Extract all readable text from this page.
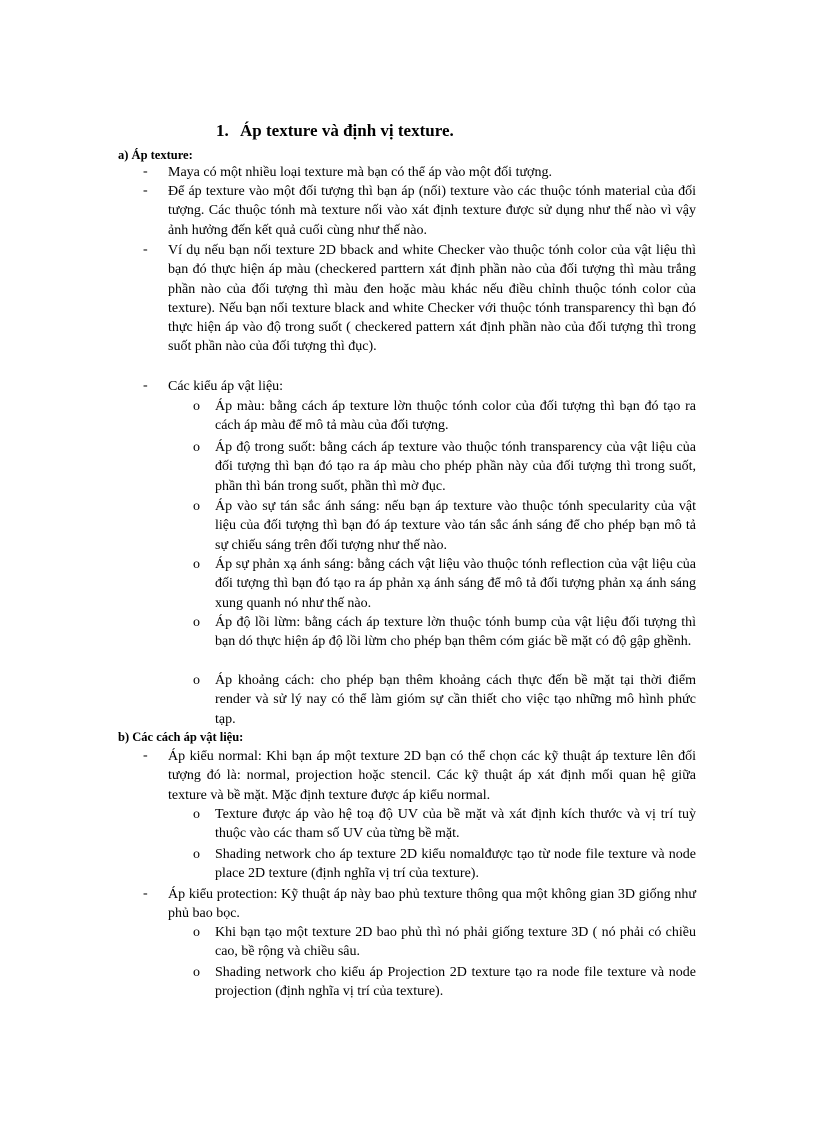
1. Áp texture và định vị texture.
a) Áp texture:
- Maya có một nhiều loại texture mà bạn có thể áp vào một đối tượng.
- Để áp texture vào một đối tượng thì bạn áp (nối) texture vào các thuộc tónh material của đối tượng. Các thuộc tónh mà texture nối vào xát định texture được sử dụng như thế nào vì vậy ảnh hưởng đến kết quả cuối cùng như thế nào.
- Ví dụ nếu bạn nối texture 2D bback and white Checker vào thuộc tónh color của vật liệu thì bạn đó thực hiện áp màu (checkered parttern xát định phần nào của đối tượng thì màu trắng phần nào của đối tượng thì màu đen hoặc màu khác nếu điều chỉnh thuộc tónh color của texture). Nếu bạn nối texture black and white Checker với thuộc tónh transparency thì bạn đó thực hiện áp vào độ trong suốt ( checkered pattern xát định phần nào của đối tượng thì trong suốt phần nào của đối tượng thì đục).
- Các kiểu áp vật liệu:
o Áp màu: bằng cách áp texture lờn thuộc tónh color của đối tượng thì bạn đó tạo ra cách áp màu để mô tả màu của đối tượng.
o Áp độ trong suốt: bằng cách áp texture vào thuộc tónh transparency của vật liệu của đối tượng thì bạn đó tạo ra áp màu cho phép phần này của đối tượng thì trong suốt, phần thì bán trong suốt, phần thì mờ đục.
o Áp vào sự tán sắc ánh sáng: nếu bạn áp texture vào thuộc tónh specularity của vật liệu của đối tượng thì bạn đó áp texture vào tán sắc ánh sáng để cho phép bạn mô tả sự chiếu sáng trên đối tượng như thế nào.
o Áp sự phản xạ ánh sáng: bằng cách vật liệu vào thuộc tónh reflection của vật liệu của đối tượng thì bạn đó tạo ra áp phản xạ ánh sáng để mô tả đối tượng phản xạ ánh sáng xung quanh nó như thế nào.
o Áp độ lồi lừm: bằng cách áp texture lờn thuộc tónh bump của vật liệu đối tượng thì bạn dó thực hiện áp độ lồi lừm cho phép bạn thêm cóm giác bề mặt có độ gập ghềnh.
o Áp khoảng cách: cho phép bạn thêm khoảng cách thực đến bề mặt tại thời điểm render và sử lý nay có thể làm gióm sự cần thiết cho việc tạo những mô hình phức tạp.
b) Các cách áp vật liệu:
- Áp kiểu normal: Khi bạn áp một texture 2D bạn có thể chọn các kỹ thuật áp texture lên đối tượng đó là: normal, projection hoặc stencil. Các kỹ thuật áp xát định mối quan hệ giữa texture và bề mặt. Mặc định texture được áp kiểu normal.
o Texture được áp vào hệ toạ độ UV của bề mặt và xát định kích thước và vị trí tuỳ thuộc vào các tham số UV của từng bề mặt.
o Shading network cho áp texture 2D kiểu nomalđược tạo từ node file texture và node place 2D texture (định nghĩa vị trí của texture).
- Áp kiểu protection: Kỹ thuật áp này bao phủ texture thông qua một không gian 3D giống như phủ bao bọc.
o Khi bạn tạo một texture 2D bao phủ thì nó phải giống texture 3D ( nó phải có chiều cao, bề rộng và chiều sâu.
o Shading network cho kiểu áp Projection 2D texture tạo ra node file texture và node projection (định nghĩa vị trí của texture).
